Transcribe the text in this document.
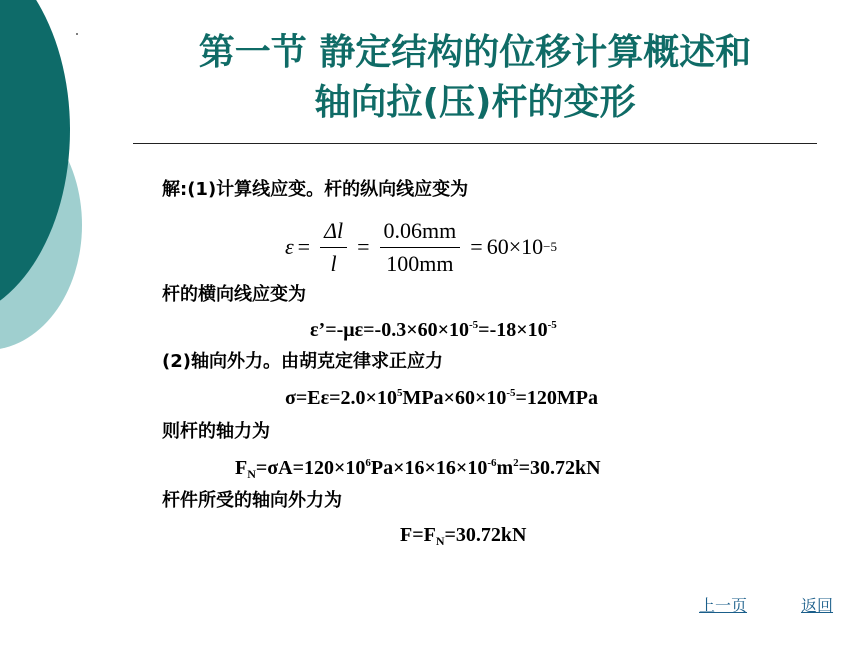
第一节 静定结构的位移计算概述和
轴向拉(压)杆的变形
解:(1)计算线应变。杆的纵向线应变为
$\varepsilon = \frac{\Delta l}{l} = \frac{0.06mm}{100mm} = 60\times 10 -5$
杆的横向线应变为
$\varepsilon’=-\mu\varepsilon=-0.3\times 60\times 10^{-5}=-18\times 10^{-5}$
(2)轴向外力。由胡克定律求正应力
$\sigma=E\varepsilon=2.0\times 10^5MPa\times 60\times 10^{-5}=120MPa$
则杆的轴力为
$F_N=\sigma A=120\times 10^6Pa\times 16\times 16\times 10^{-6}m^2=30.72kN$
杆件所受的轴向外力为
$F=F_N=30.72kN$
上一页	返回
